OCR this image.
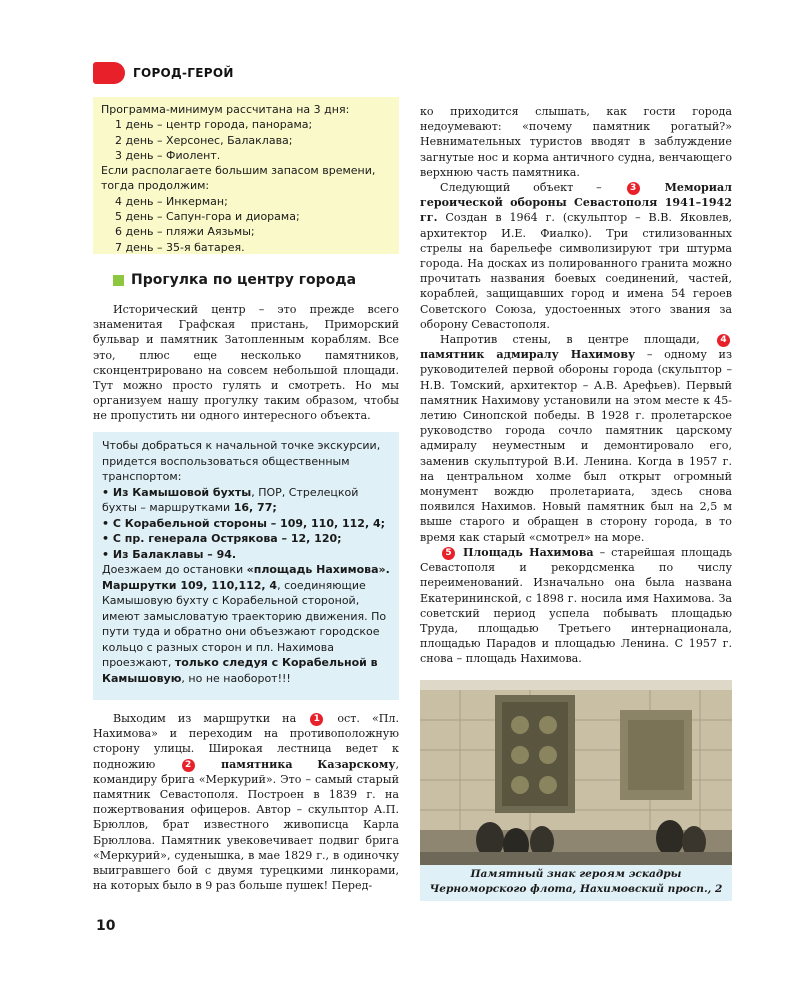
ГОРОД-ГЕРОЙ
Программа-минимум рассчитана на 3 дня:
1 день – центр города, панорама;
2 день – Херсонес, Балаклава;
3 день – Фиолент.
Если располагаете большим запасом времени, тогда продолжим:
4 день – Инкерман;
5 день – Сапун-гора и диорама;
6 день – пляжи Аязьмы;
7 день – 35-я батарея.
Прогулка по центру города

Исторический центр – это прежде всего знаменитая Графская пристань, Приморский бульвар и памятник Затопленным кораблям. Все это, плюс еще несколько памятников, сконцентрировано на совсем небольшой площади. Тут можно просто гулять и смотреть. Но мы организуем нашу прогулку таким образом, чтобы не пропустить ни одного интересного объекта.

Чтобы добраться к начальной точке экскурсии, придется воспользоваться общественным транспортом:
• Из Камышовой бухты, ПОР, Стрелецкой бухты – маршрутками 16, 77;
• С Корабельной стороны – 109, 110, 112, 4;
• С пр. генерала Острякова – 12, 120;
• Из Балаклавы – 94.
Доезжаем до остановки «площадь Нахимова». Маршрутки 109, 110,112, 4, соединяющие Камышовую бухту с Корабельной стороной, имеют замысловатую траекторию движения. По пути туда и обратно они объезжают городское кольцо с разных сторон и пл. Нахимова проезжают, только следуя с Корабельной в Камышовую, но не наоборот!!!

Выходим из маршрутки на 1 ост. «Пл. Нахимова» и переходим на противоположную сторону улицы. Широкая лестница ведет к подножию	2	памятника Казарскому, командиру брига «Меркурий». Это – самый старый памятник Севастополя. Построен в 1839 г. на пожертвования офицеров. Автор – скульптор А.П. Брюллов, брат известного живописца Карла Брюллова. Памятник увековечивает подвиг брига «Меркурий», суденышка, в мае 1829 г., в одиночку выигравшего бой с двумя турецкими линкорами, на которых было в 9 раз больше пушек! Перед-

ко приходится слышать, как гости города недоумевают: «почему памятник рогатый?» Невнимательных туристов вводят в заблуждение загнутые нос и корма античного судна, венчающего верхнюю часть памятника.

Следующий объект –	3	Мемориал героической обороны Севастополя 1941–1942 гг. Создан в 1964 г. (скульптор – В.В. Яковлев, архитектор И.Е. Фиалко). Три стилизованных стрелы на барельефе символизируют три штурма города. На досках из полированного гранита можно прочитать названия боевых соединений, частей, кораблей, защищавших город и имена 54 героев Советского Союза, удостоенных этого звания за оборону Севастополя.

Напротив стены, в центре площади, 4 памятник адмиралу Нахимову – одному из руководителей первой обороны города (скульптор – Н.В. Томский, архитектор – А.В. Арефьев). Первый памятник Нахимову установили на этом месте к 45-летию Синопской победы. В 1928 г. пролетарское руководство города сочло памятник царскому адмиралу неуместным и демонтировало его, заменив скульптурой В.И. Ленина. Когда в 1957 г. на центральном холме был открыт огромный монумент вождю пролетариата, здесь снова появился Нахимов. Новый памятник был на 2,5 м выше старого и обращен в сторону города, в то время как старый «смотрел» на море.

5 Площадь Нахимова – старейшая площадь Севастополя и рекордсменка по числу переименований. Изначально она была названа Екатерининской, с 1898 г. носила имя Нахимова. За советский период успела побывать площадью Труда, площадью Третьего интернационала, площадью Парадов и площадью Ленина. С 1957 г. снова – площадь Нахимова.

Памятный знак героям эскадры Черноморского флота, Нахимовский просп., 2
10
